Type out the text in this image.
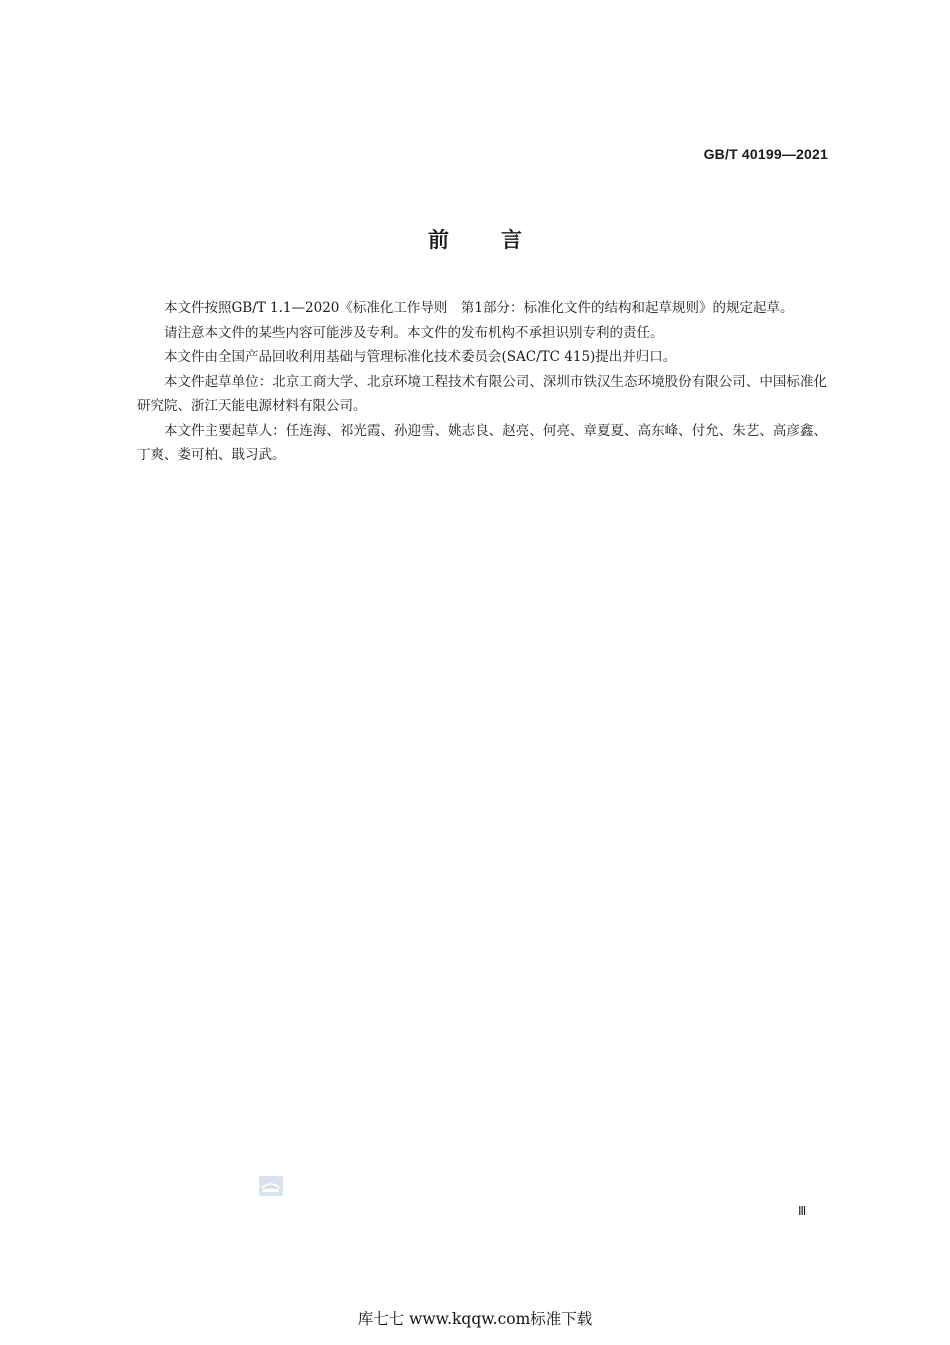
GB/T 40199—2021
前言

本文件按照GB/T 1.1—2020《标准化工作导则　第1部分：标准化文件的结构和起草规则》的规定起草。

请注意本文件的某些内容可能涉及专利。本文件的发布机构不承担识别专利的责任。

本文件由全国产品回收利用基础与管理标准化技术委员会(SAC/TC 415)提出并归口。

本文件起草单位：北京工商大学、北京环境工程技术有限公司、深圳市铁汉生态环境股份有限公司、中国标准化研究院、浙江天能电源材料有限公司。

本文件主要起草人：任连海、祁光霞、孙迎雪、姚志良、赵亮、何亮、章夏夏、高东峰、付允、朱艺、高彦鑫、丁爽、娄可柏、戢习武。

Ⅲ
库七七 www.kqqw.com标准下载
